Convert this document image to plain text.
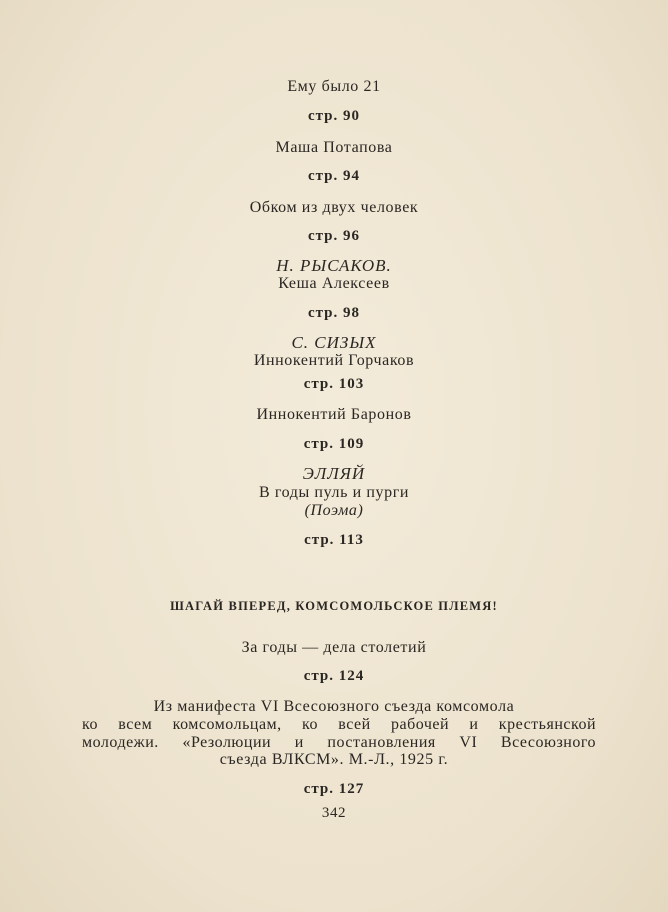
Ему было 21
стр. 90
Маша Потапова
стр. 94
Обком из двух человек
стр. 96
Н. РЫСАКОВ.
Кеша Алексеев
стр. 98
С. СИЗЫХ
Иннокентий Горчаков
стр. 103
Иннокентий Баронов
стр. 109
ЭЛЛЯЙ
В годы пуль и пурги
(Поэма)
стр. 113
ШАГАЙ ВПЕРЕД, КОМСОМОЛЬСКОЕ ПЛЕМЯ!
За годы — дела столетий
стр. 124
Из манифеста VI Всесоюзного съезда комсомола
ко всем комсомольцам, ко всей рабочей и крестьянской
молодежи. «Резолюции и постановления VI Всесоюзного
съезда ВЛКСМ». М.-Л., 1925 г.
стр. 127
342
